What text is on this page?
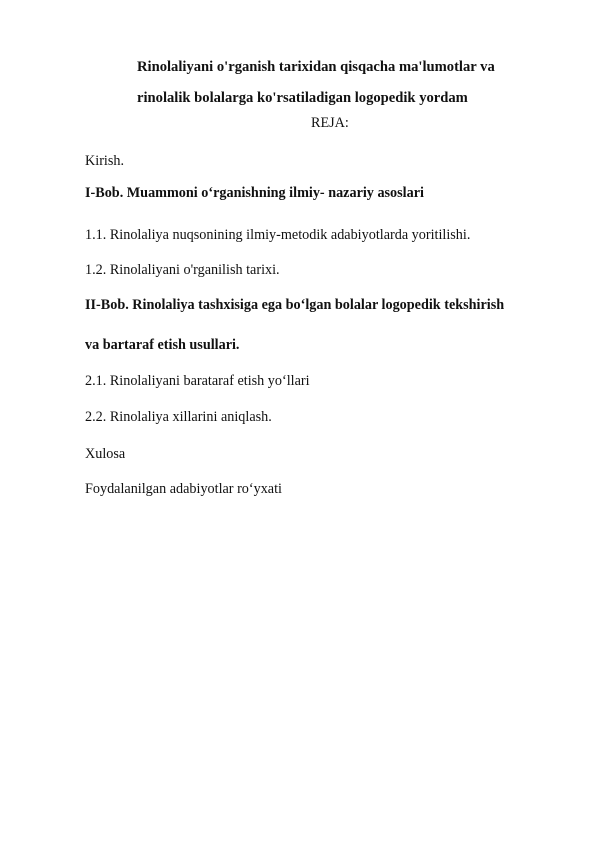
Rinolaliyani o'rganish tarixidan qisqacha ma'lumotlar va
rinolalik bolalarga ko'rsatiladigan logopedik yordam
REJA:
Kirish.
I-Bob. Muammoni o‘rganishning ilmiy- nazariy asoslari
1.1. Rinolaliya nuqsonining ilmiy-metodik adabiyotlarda yoritilishi.
1.2. Rinolaliyani o'rganilish tarixi.
II-Bob. Rinolaliya tashxisiga ega bo‘lgan bolalar logopedik tekshirish
va bartaraf etish usullari.
2.1. Rinolaliyani barataraf etish yo‘llari
2.2. Rinolaliya xillarini aniqlash.
Xulosa
Foydalanilgan adabiyotlar ro‘yxati
